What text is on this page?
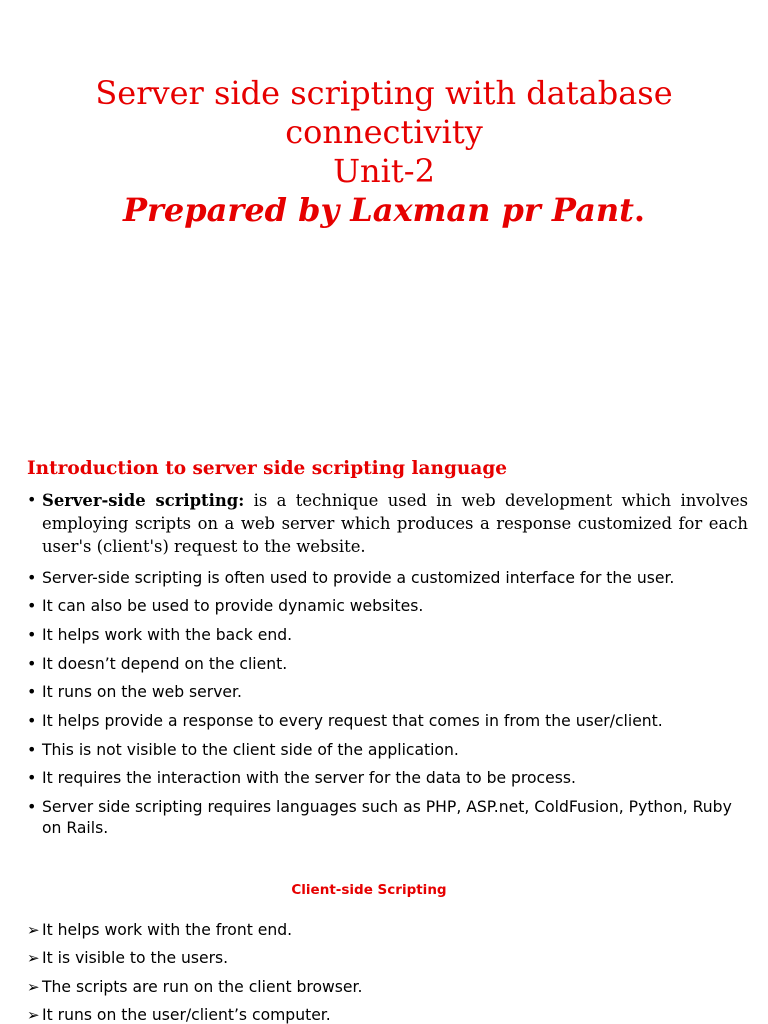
Server side scripting with database
connectivity
Unit-2
Prepared by Laxman pr Pant.
Introduction to server side scripting language
• Server-side scripting: is a technique used in web development which involves employing scripts on a web server which produces a response customized for each user's (client's) request to the website.
• Server-side scripting is often used to provide a customized interface for the user.
• It can also be used to provide dynamic websites.
• It helps work with the back end.
• It doesn’t depend on the client.
• It runs on the web server.
• It helps provide a response to every request that comes in from the user/client.
• This is not visible to the client side of the application.
• It requires the interaction with the server for the data to be process.
• Server side scripting requires languages such as PHP, ASP.net, ColdFusion, Python, Ruby on Rails.
Client-side Scripting
➢ It helps work with the front end.
➢ It is visible to the users.
➢ The scripts are run on the client browser.
➢ It runs on the user/client’s computer.
